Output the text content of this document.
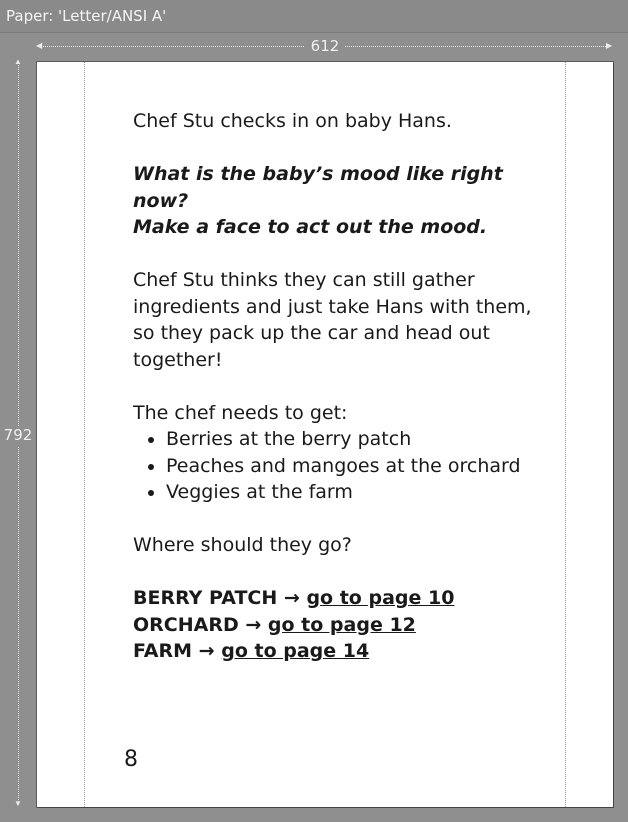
Paper: 'Letter/ANSI A'
◀	▶
612
▲
▼
792

Chef Stu checks in on baby Hans.

What is the baby’s mood like right now?

Make a face to act out the mood.

Chef Stu thinks they can still gather ingredients and just take Hans with them, so they pack up the car and head out together!

The chef needs to get:

• Berries at the berry patch
• Peaches and mangoes at the orchard
• Veggies at the farm

Where should they go?

BERRY PATCH → go to page 10

ORCHARD → go to page 12

FARM → go to page 14

8
